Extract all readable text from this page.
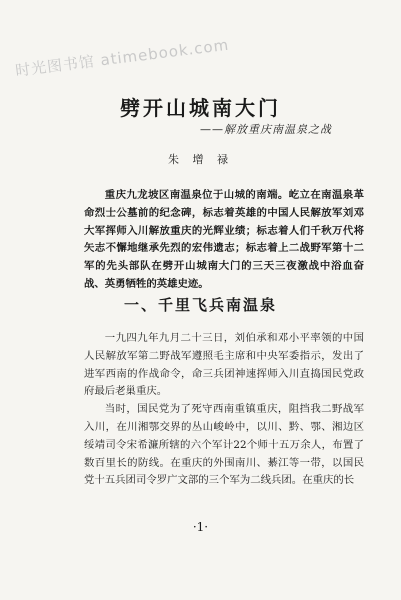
时光图书馆 atimebook.com
劈开山城南大门
——解放重庆南温泉之战
朱 增 禄

重庆九龙坡区南温泉位于山城的南端。屹立在南温泉革命烈士公墓前的纪念碑，标志着英雄的中国人民解放军刘邓大军挥师入川解放重庆的光辉业绩；标志着人们千秋万代将矢志不懈地继承先烈的宏伟遗志；标志着上二战野军第十二军的先头部队在劈开山城南大门的三天三夜激战中浴血奋战、英勇牺牲的英雄史迹。

一、千里飞兵南温泉

一九四九年九月二十三日，刘伯承和邓小平率领的中国人民解放军第二野战军遵照毛主席和中央军委指示，发出了进军西南的作战命令，命三兵团神速挥师入川直捣国民党政府最后老巢重庆。

当时，国民党为了死守西南重镇重庆，阻挡我二野战军入川，在川湘鄂交界的丛山峻岭中，以川、黔、鄂、湘边区绥靖司令宋希濂所辖的六个军计22个师十五万余人，布置了数百里长的防线。在重庆的外围南川、綦江等一带，以国民党十五兵团司令罗广文部的三个军为二线兵团。在重庆的长

·1·
